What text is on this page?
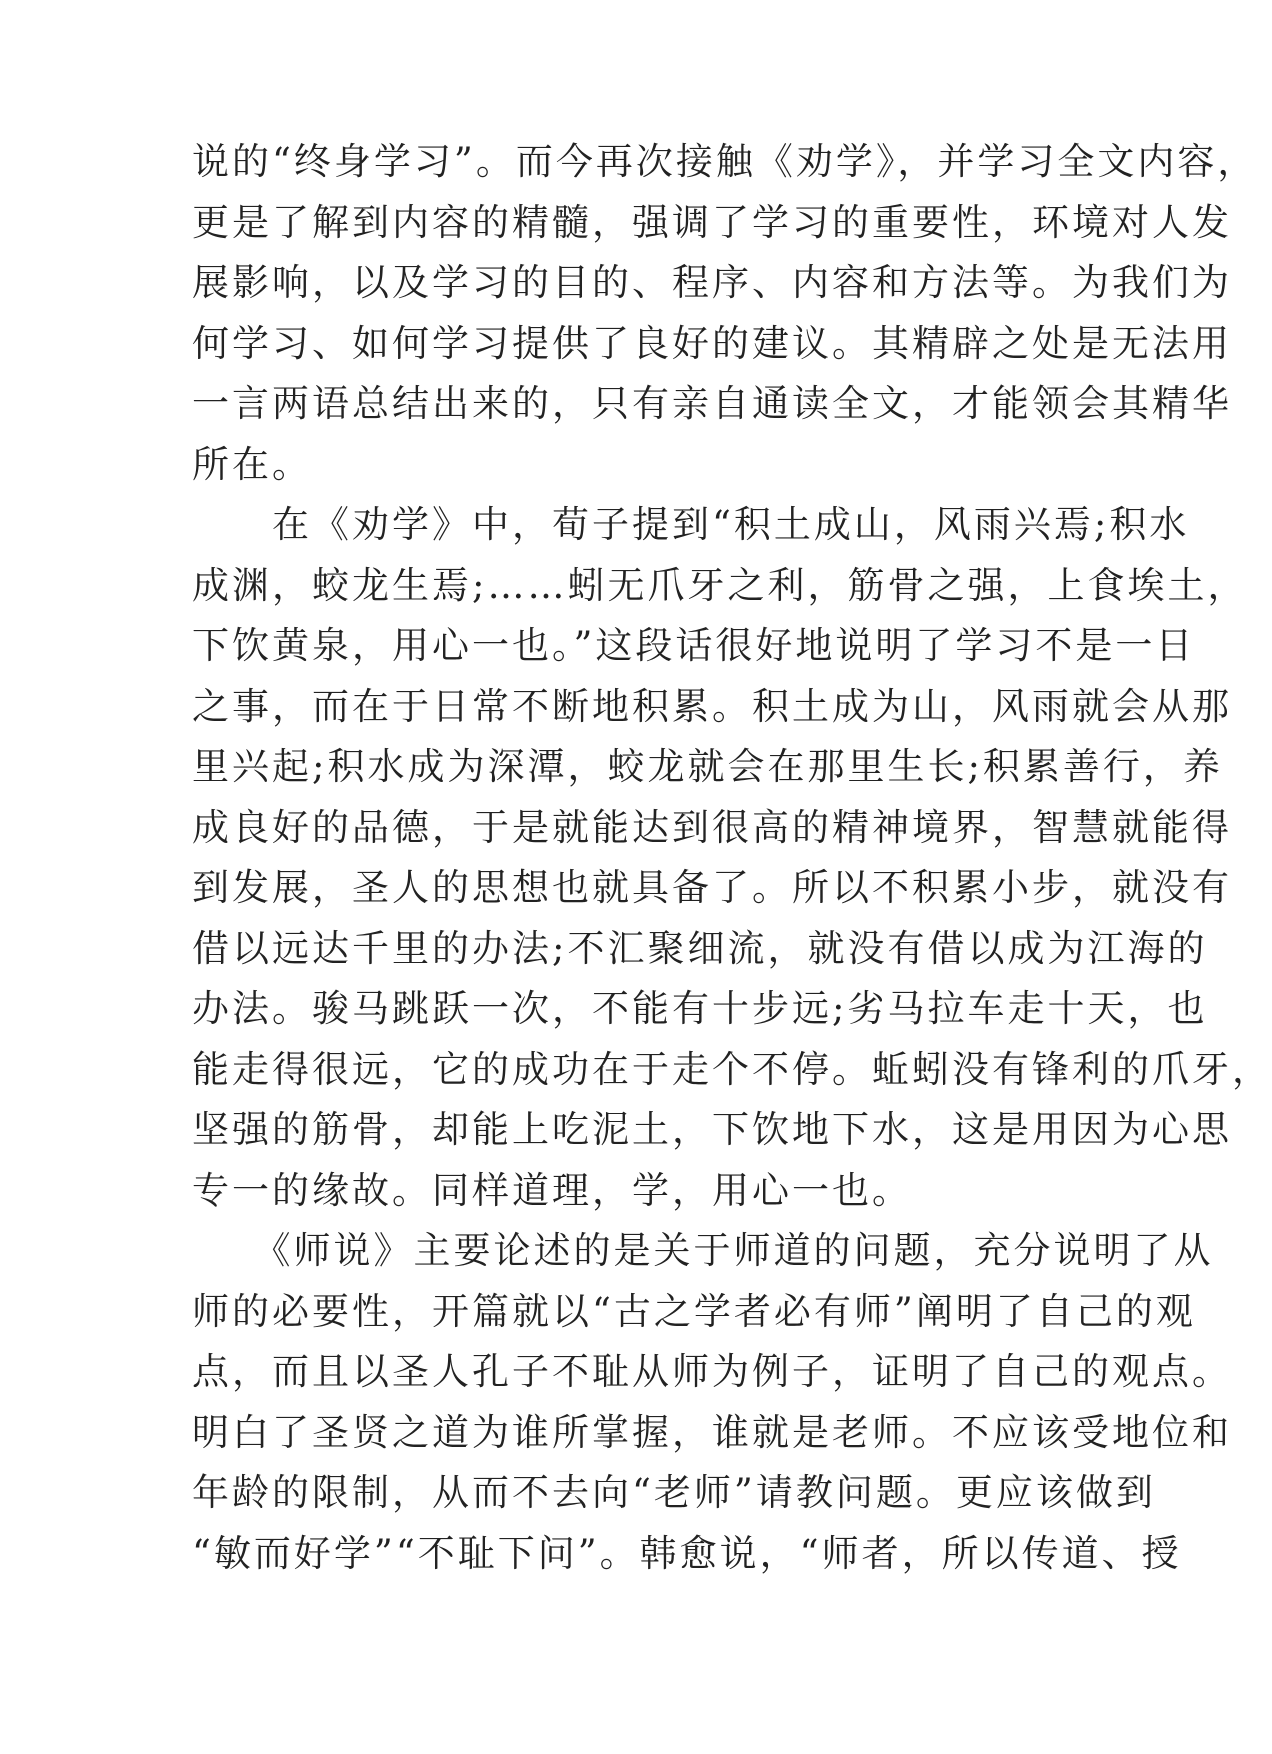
说的“终身学习”。而今再次接触《劝学》，并学习全文内容，
更是了解到内容的精髓，强调了学习的重要性，环境对人发
展影响，以及学习的目的、程序、内容和方法等。为我们为
何学习、如何学习提供了良好的建议。其精辟之处是无法用
一言两语总结出来的，只有亲自通读全文，才能领会其精华
所在。
　　在《劝学》中，荀子提到“积土成山，风雨兴焉;积水
成渊，蛟龙生焉;……蚓无爪牙之利，筋骨之强，上食埃土，
下饮黄泉，用心一也。”这段话很好地说明了学习不是一日
之事，而在于日常不断地积累。积土成为山，风雨就会从那
里兴起;积水成为深潭，蛟龙就会在那里生长;积累善行，养
成良好的品德，于是就能达到很高的精神境界，智慧就能得
到发展，圣人的思想也就具备了。所以不积累小步，就没有
借以远达千里的办法;不汇聚细流，就没有借以成为江海的
办法。骏马跳跃一次，不能有十步远;劣马拉车走十天，也
能走得很远，它的成功在于走个不停。蚯蚓没有锋利的爪牙，
坚强的筋骨，却能上吃泥土，下饮地下水，这是用因为心思
专一的缘故。同样道理，学，用心一也。
　　《师说》主要论述的是关于师道的问题，充分说明了从
师的必要性，开篇就以“古之学者必有师”阐明了自己的观
点，而且以圣人孔子不耻从师为例子，证明了自己的观点。
明白了圣贤之道为谁所掌握，谁就是老师。不应该受地位和
年龄的限制，从而不去向“老师”请教问题。更应该做到
“敏而好学”“不耻下问”。韩愈说，“师者，所以传道、授
